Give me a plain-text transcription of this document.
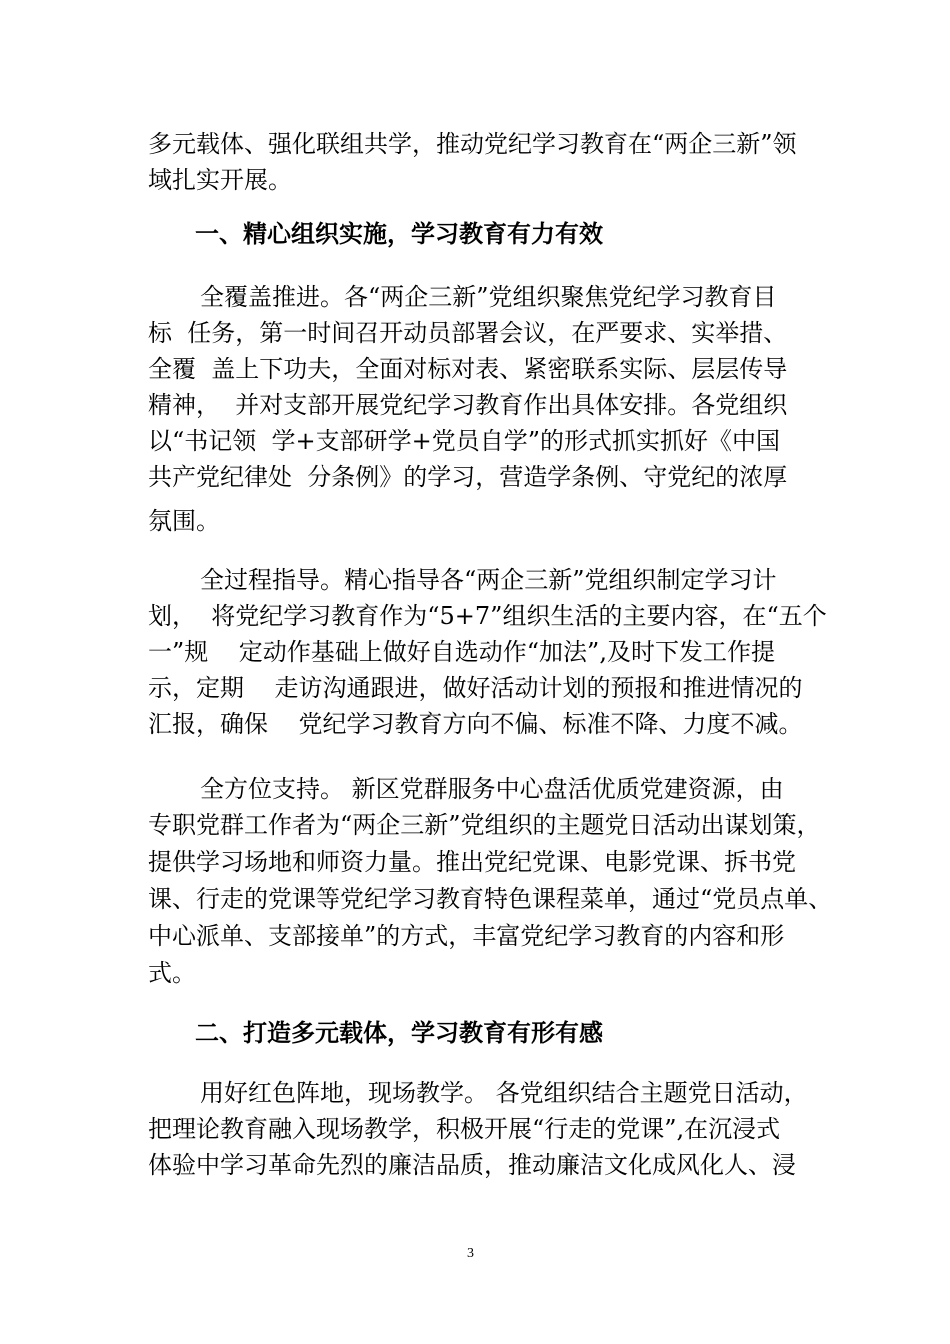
多元载体、强化联组共学，推动党纪学习教育在“两企三新”领
域扎实开展。
一、精心组织实施，学习教育有力有效
全覆盖推进。各“两企三新”党组织聚焦党纪学习教育目
标  任务，第一时间召开动员部署会议，在严要求、实举措、
全覆  盖上下功夫，全面对标对表、紧密联系实际、层层传导
精神，  并对支部开展党纪学习教育作出具体安排。各党组织
以“书记领  学+支部研学+党员自学”的形式抓实抓好《中国
共产党纪律处  分条例》的学习，营造学条例、守党纪的浓厚
氛围。
全过程指导。精心指导各“两企三新”党组织制定学习计
划，  将党纪学习教育作为“5+7”组织生活的主要内容，在“五个
一”规    定动作基础上做好自选动作“加法”,及时下发工作提
示，定期    走访沟通跟进，做好活动计划的预报和推进情况的
汇报，确保    党纪学习教育方向不偏、标准不降、力度不减。
全方位支持。 新区党群服务中心盘活优质党建资源，由
专职党群工作者为“两企三新”党组织的主题党日活动出谋划策，
提供学习场地和师资力量。推出党纪党课、电影党课、拆书党
课、行走的党课等党纪学习教育特色课程菜单，通过“党员点单、
中心派单、支部接单”的方式，丰富党纪学习教育的内容和形
式。
二、打造多元载体，学习教育有形有感
用好红色阵地，现场教学。 各党组织结合主题党日活动，
把理论教育融入现场教学，积极开展“行走的党课”,在沉浸式
体验中学习革命先烈的廉洁品质，推动廉洁文化成风化人、浸
3
